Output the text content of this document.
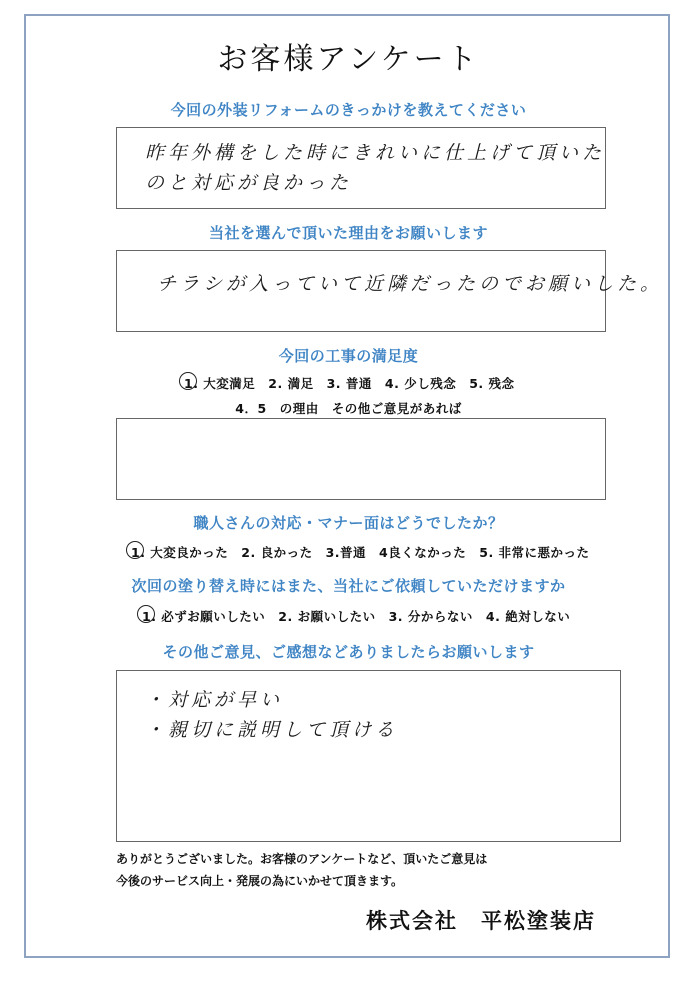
お客様アンケート
今回の外装リフォームのきっかけを教えてください
昨年外構をした時にきれいに仕上げて頂いた
のと対応が良かった
当社を選んで頂いた理由をお願いします
チラシが入っていて近隣だったのでお願いした。
今回の工事の満足度
1. 大変満足　2. 満足　3. 普通　4. 少し残念　5. 残念
4．5　の理由　その他ご意見があれば
職人さんの対応・マナー面はどうでしたか？
1. 大変良かった　2. 良かった　3.普通　4良くなかった　5. 非常に悪かった
次回の塗り替え時にはまた、当社にご依頼していただけますか
1. 必ずお願いしたい　2. お願いしたい　3. 分からない　4. 絶対しない
その他ご意見、ご感想などありましたらお願いします
・対応が早い
・親切に説明して頂ける
ありがとうございました。お客様のアンケートなど、頂いたご意見は
今後のサービス向上・発展の為にいかせて頂きます。
株式会社　平松塗装店
